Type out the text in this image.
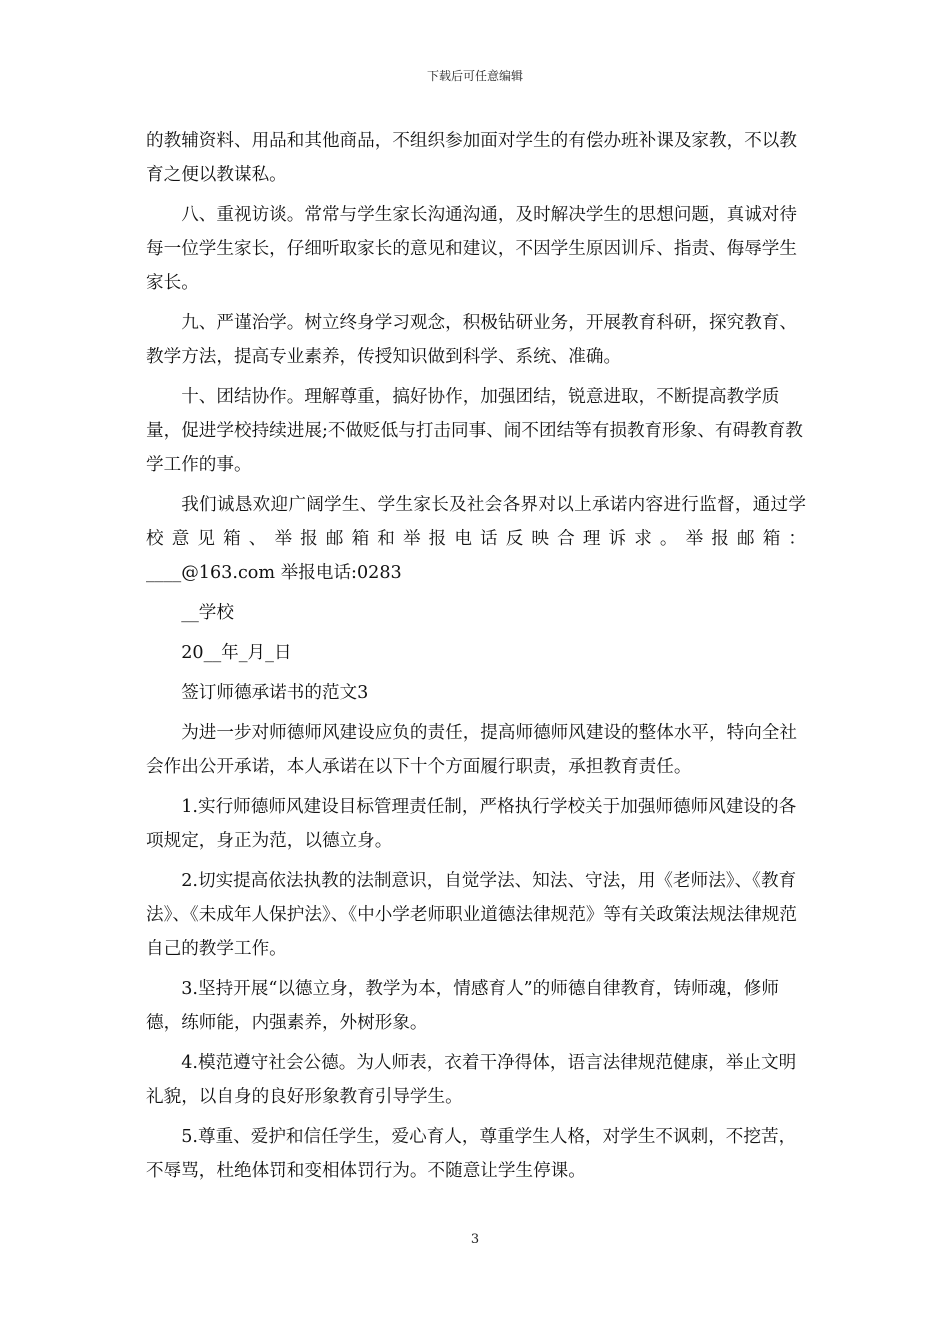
下载后可任意编辑

的教辅资料、用品和其他商品，不组织参加面对学生的有偿办班补课及家教，不以教育之便以教谋私。

八、重视访谈。常常与学生家长沟通沟通，及时解决学生的思想问题，真诚对待每一位学生家长，仔细听取家长的意见和建议，不因学生原因训斥、指责、侮辱学生家长。

九、严谨治学。树立终身学习观念，积极钻研业务，开展教育科研，探究教育、教学方法，提高专业素养，传授知识做到科学、系统、准确。

十、团结协作。理解尊重，搞好协作，加强团结，锐意进取，不断提高教学质量，促进学校持续进展;不做贬低与打击同事、闹不团结等有损教育形象、有碍教育教学工作的事。

我们诚恳欢迎广阔学生、学生家长及社会各界对以上承诺内容进行监督，通过学校意见箱、举报邮箱和举报电话反映合理诉求。举报邮箱：

____@163.com 举报电话:0283

__学校

20__年_月_日

签订师德承诺书的范文3

为进一步对师德师风建设应负的责任，提高师德师风建设的整体水平，特向全社会作出公开承诺，本人承诺在以下十个方面履行职责，承担教育责任。

1.实行师德师风建设目标管理责任制，严格执行学校关于加强师德师风建设的各项规定，身正为范，以德立身。

2.切实提高依法执教的法制意识，自觉学法、知法、守法，用《老师法》、《教育法》、《未成年人保护法》、《中小学老师职业道德法律规范》等有关政策法规法律规范自己的教学工作。

3.坚持开展“以德立身，教学为本，情感育人”的师德自律教育，铸师魂，修师德，练师能，内强素养，外树形象。

4.模范遵守社会公德。为人师表，衣着干净得体，语言法律规范健康，举止文明礼貌，以自身的良好形象教育引导学生。

5.尊重、爱护和信任学生，爱心育人，尊重学生人格，对学生不讽刺，不挖苦，不辱骂，杜绝体罚和变相体罚行为。不随意让学生停课。

3
